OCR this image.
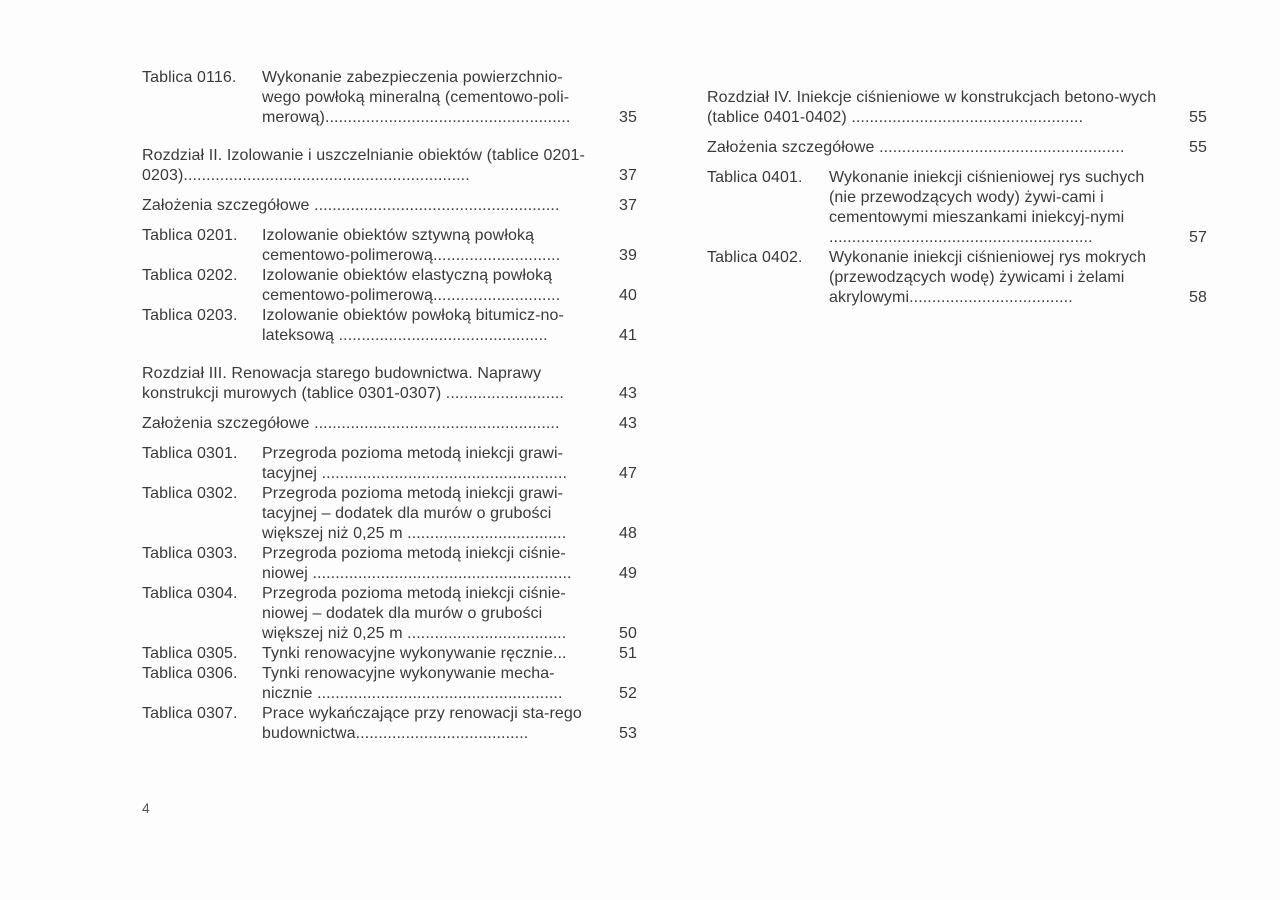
Tablica 0116.	Wykonanie zabezpieczenia powierzchnio-wego powłoką mineralną (cementowo-poli-merową)......................................................	35
Rozdział II. Izolowanie i uszczelnianie obiektów (tablice 0201-0203)...............................................................	37
Założenia szczegółowe ......................................................	37
Tablica 0201.	Izolowanie obiektów sztywną powłoką cementowo-polimerową............................	39
Tablica 0202.	Izolowanie obiektów elastyczną powłoką cementowo-polimerową............................	40
Tablica 0203.	Izolowanie obiektów powłoką bitumicz-no-lateksową ..............................................	41
Rozdział III. Renowacja starego budownictwa. Naprawy konstrukcji murowych (tablice 0301-0307) ..........................	43
Założenia szczegółowe ......................................................	43
Tablica 0301.	Przegroda pozioma metodą iniekcji grawi-tacyjnej ......................................................	47
Tablica 0302.	Przegroda pozioma metodą iniekcji grawi-tacyjnej – dodatek dla murów o grubości większej niż 0,25 m ...................................	48
Tablica 0303.	Przegroda pozioma metodą iniekcji ciśnie-niowej .........................................................	49
Tablica 0304.	Przegroda pozioma metodą iniekcji ciśnie-niowej – dodatek dla murów o grubości większej niż 0,25 m ...................................	50
Tablica 0305.	Tynki renowacyjne wykonywanie ręcznie...	51
Tablica 0306.	Tynki renowacyjne wykonywanie mecha-nicznie ......................................................	52
Tablica 0307.	Prace wykańczające przy renowacji sta-rego budownictwa......................................	53
Rozdział IV. Iniekcje ciśnieniowe w konstrukcjach betono-wych (tablice 0401-0402) ...................................................	55
Założenia szczegółowe ......................................................	55
Tablica 0401.	Wykonanie iniekcji ciśnieniowej rys suchych (nie przewodzących wody) żywi-cami i cementowymi mieszankami iniekcyj-nymi ..........................................................	57
Tablica 0402.	Wykonanie iniekcji ciśnieniowej rys mokrych (przewodzących wodę) żywicami i żelami akrylowymi....................................	58
4
